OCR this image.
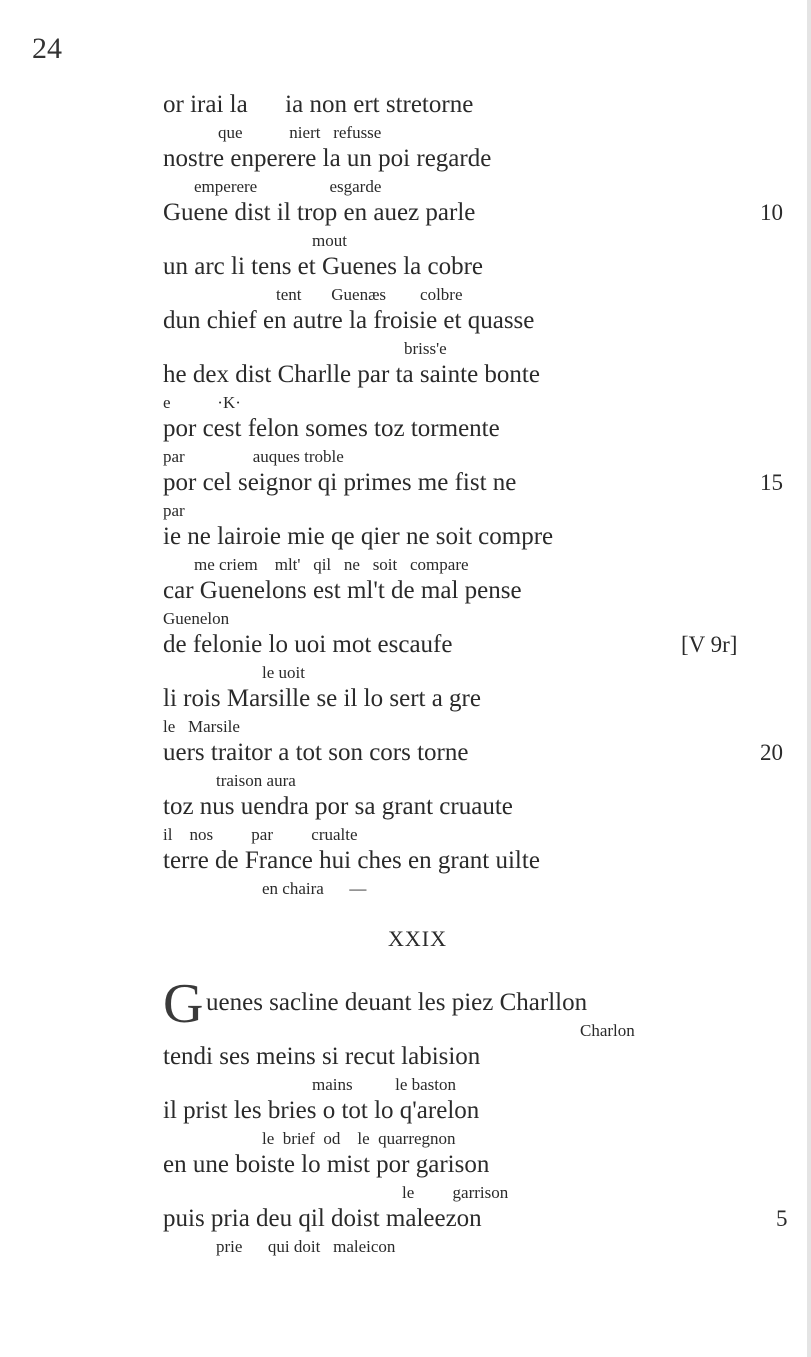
24
or irai la      ia non ert stretorne
que           niert   refusse
nostre enperere la un poi regarde
emperere                 esgarde
Guene dist il trop en auez parle
mout
un arc li tens et Guenes la cobre
tent       Guenæs        colbre
dun chief en autre la froisie et quasse
briss'e
he dex dist Charlle par ta sainte bonte
e           ·K·
por cest felon somes toz tormente
par                auques troble
por cel seignor qi primes me fist ne
par
ie ne lairoie mie qe qier ne soit compre
me criem    mlt'   qil   ne   soit   compare
car Guenelons est ml't de mal pense
Guenelon
de felonie lo uoi mot escaufe
le uoit
li rois Marsille se il lo sert a gre
le   Marsile
uers traitor a tot son cors torne
traison aura
toz nus uendra por sa grant cruaute
il    nos         par         crualte
terre de France hui ches en grant uilte
en chaira      —
10
15
[V 9r]
20
XXIX
G uenes sacline deuant les piez Charllon
Charlon
tendi ses meins si recut labision
mains          le baston
il prist les bries o tot lo q'arelon
le  brief  od    le  quarregnon
en une boiste lo mist por garison
le         garrison
puis pria deu qil doist maleezon
prie      qui doit   maleicon
5
